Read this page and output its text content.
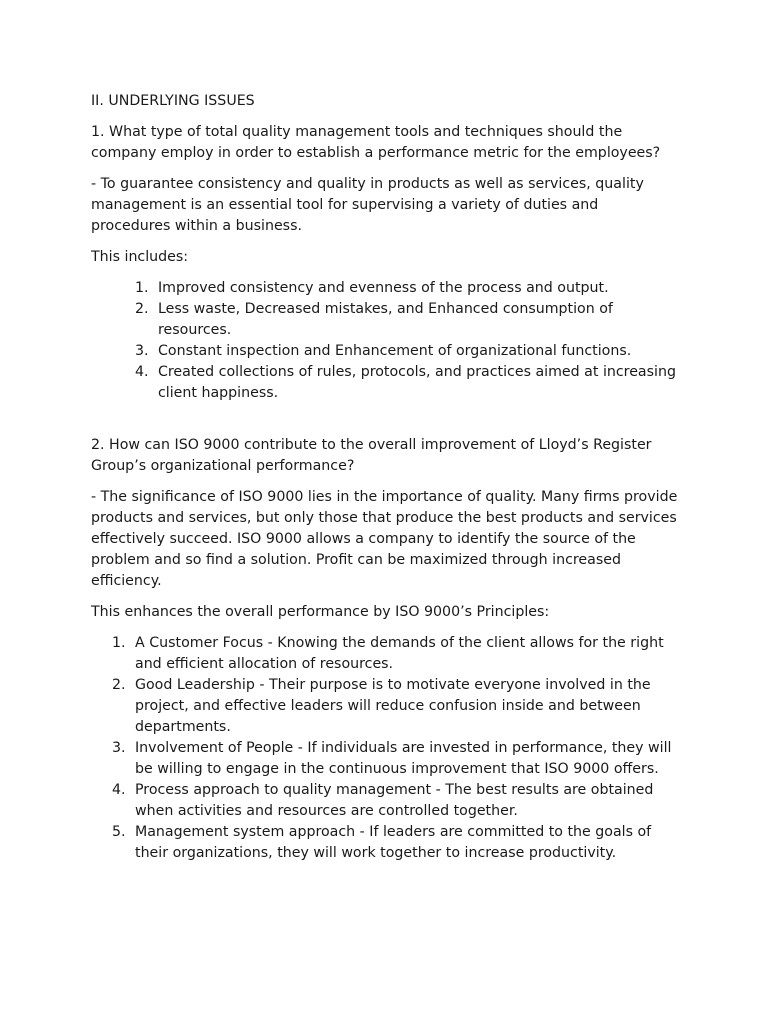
II. UNDERLYING ISSUES

1. What type of total quality management tools and techniques should the company employ in order to establish a performance metric for the employees?

- To guarantee consistency and quality in products as well as services, quality management is an essential tool for supervising a variety of duties and procedures within a business.

This includes:

1. Improved consistency and evenness of the process and output.
2. Less waste, Decreased mistakes, and Enhanced consumption of resources.
3. Constant inspection and Enhancement of organizational functions.
4. Created collections of rules, protocols, and practices aimed at increasing client happiness.

2. How can ISO 9000 contribute to the overall improvement of Lloyd’s Register Group’s organizational performance?

- The significance of ISO 9000 lies in the importance of quality. Many firms provide products and services, but only those that produce the best products and services effectively succeed. ISO 9000 allows a company to identify the source of the problem and so find a solution. Profit can be maximized through increased efficiency.

This enhances the overall performance by ISO 9000’s Principles:

1. A Customer Focus - Knowing the demands of the client allows for the right and efficient allocation of resources.
2. Good Leadership - Their purpose is to motivate everyone involved in the project, and effective leaders will reduce confusion inside and between departments.
3. Involvement of People - If individuals are invested in performance, they will be willing to engage in the continuous improvement that ISO 9000 offers.
4. Process approach to quality management - The best results are obtained when activities and resources are controlled together.
5. Management system approach - If leaders are committed to the goals of their organizations, they will work together to increase productivity.
